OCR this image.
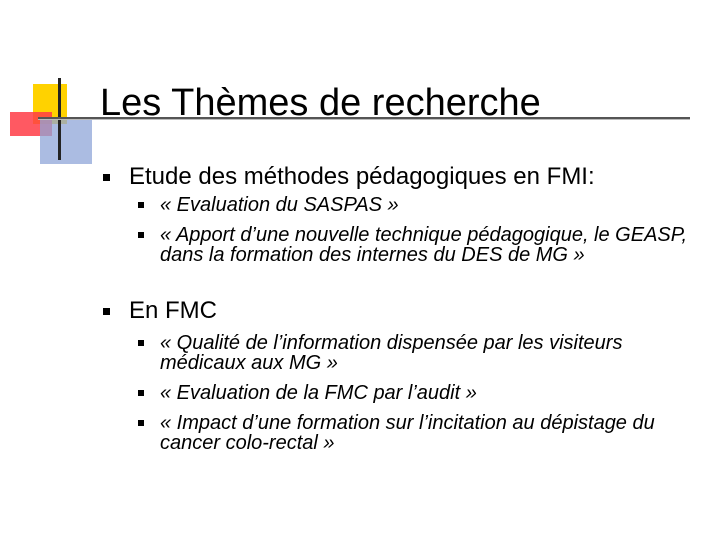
Les Thèmes de recherche
Etude des méthodes pédagogiques en FMI:
« Evaluation du SASPAS »
« Apport d’une nouvelle technique pédagogique, le GEASP, dans la formation des internes du DES de MG »
En FMC
« Qualité de l’information dispensée par les visiteurs médicaux aux MG »
« Evaluation de la FMC par l’audit »
« Impact d’une formation sur l’incitation au dépistage du cancer colo-rectal »
